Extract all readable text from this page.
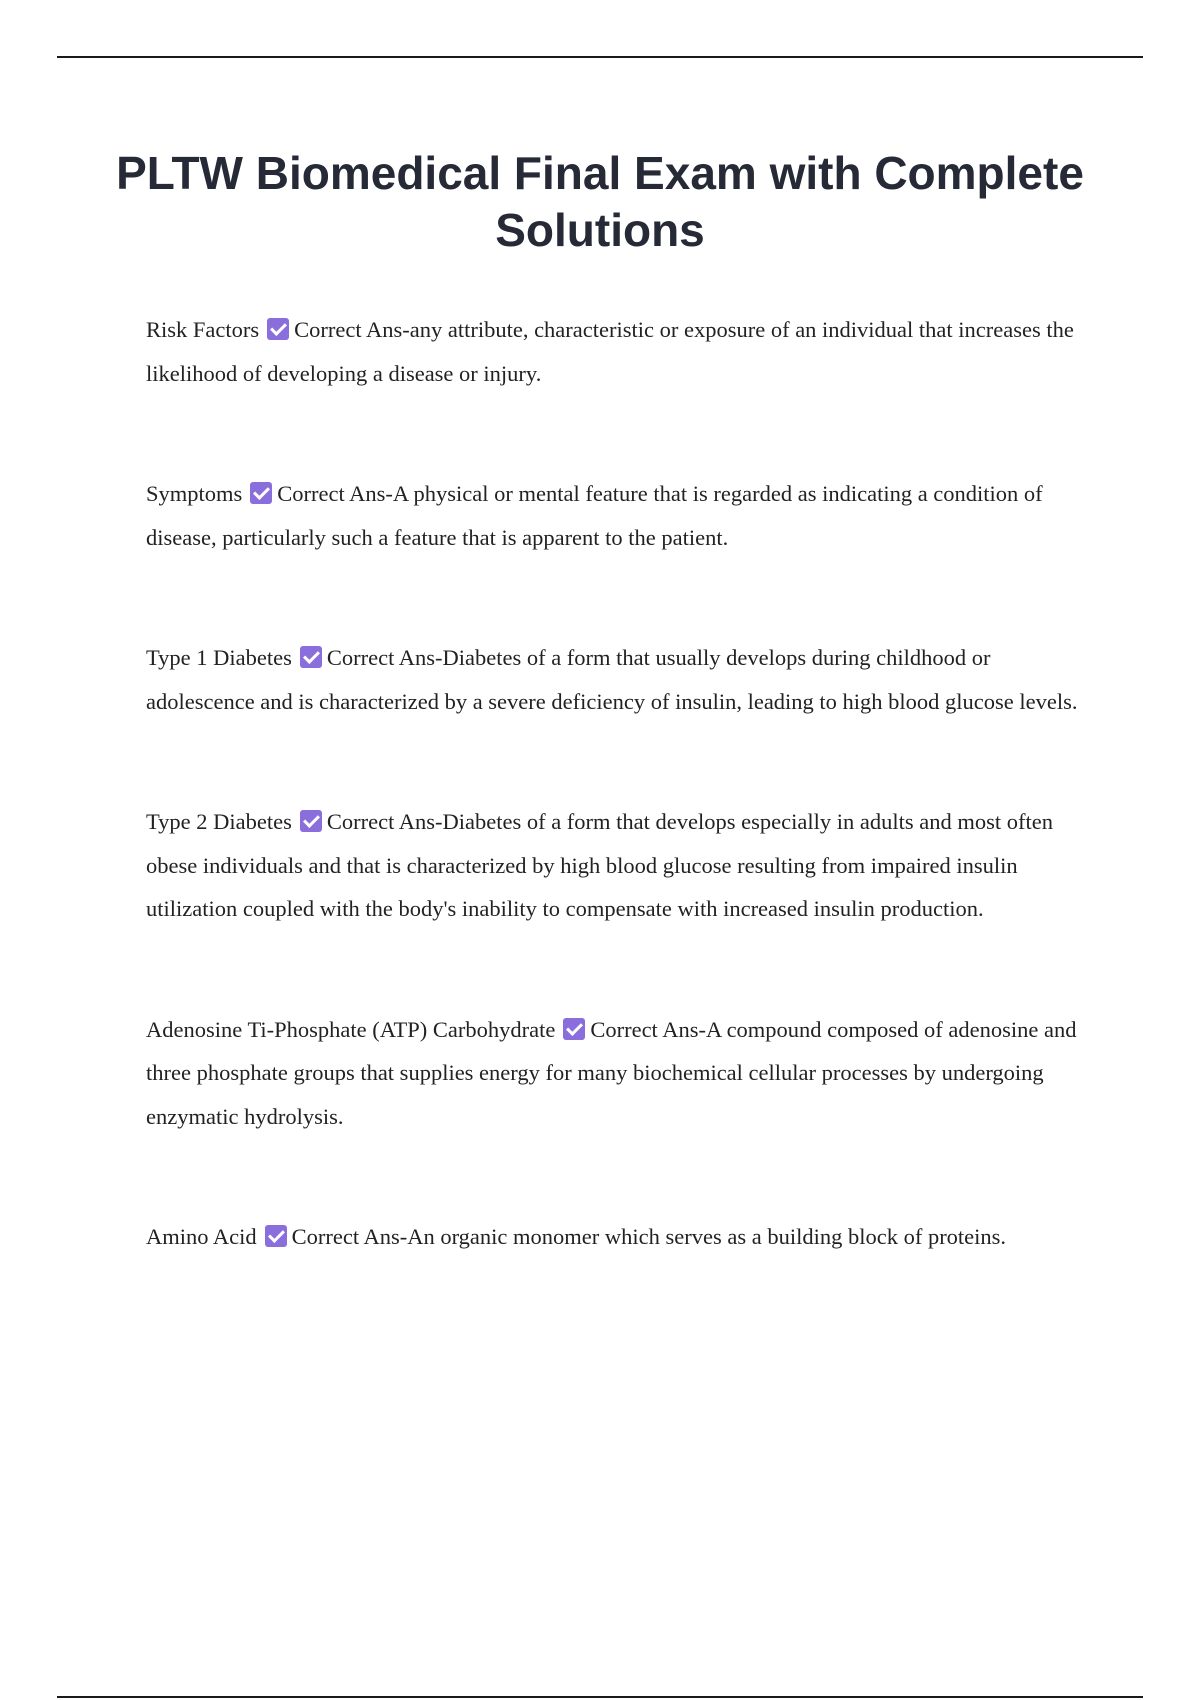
PLTW Biomedical Final Exam with Complete Solutions

Risk Factors Correct Ans-any attribute, characteristic or exposure of an individual that increases the likelihood of developing a disease or injury.

Symptoms Correct Ans-A physical or mental feature that is regarded as indicating a condition of disease, particularly such a feature that is apparent to the patient.

Type 1 Diabetes Correct Ans-Diabetes of a form that usually develops during childhood or adolescence and is characterized by a severe deficiency of insulin, leading to high blood glucose levels.

Type 2 Diabetes Correct Ans-Diabetes of a form that develops especially in adults and most often obese individuals and that is characterized by high blood glucose resulting from impaired insulin utilization coupled with the body's inability to compensate with increased insulin production.

Adenosine Ti-Phosphate (ATP) Carbohydrate Correct Ans-A compound composed of adenosine and three phosphate groups that supplies energy for many biochemical cellular processes by undergoing enzymatic hydrolysis.

Amino Acid Correct Ans-An organic monomer which serves as a building block of proteins.
